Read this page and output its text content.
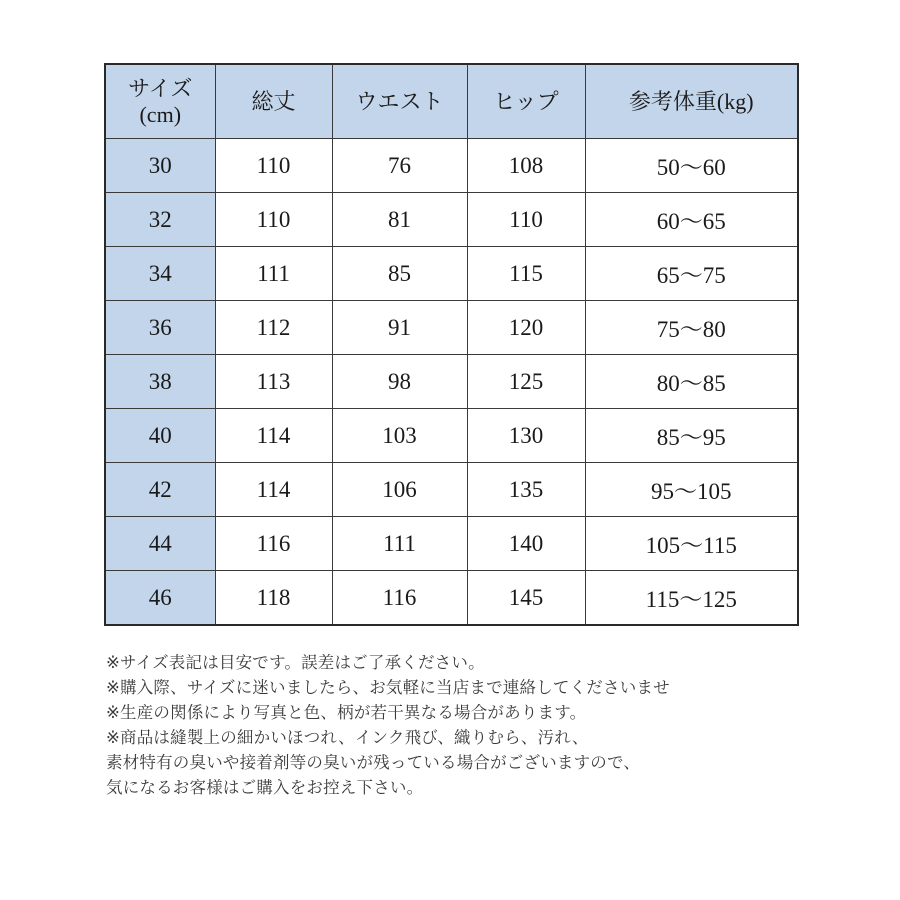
サイズ
(cm)	総丈	ウエスト	ヒップ	参考体重(kg)
30	110	76	108	50〜60
32	110	81	110	60〜65
34	111	85	115	65〜75
36	112	91	120	75〜80
38	113	98	125	80〜85
40	114	103	130	85〜95
42	114	106	135	95〜105
44	116	111	140	105〜115
46	118	116	145	115〜125
※サイズ表記は目安です。誤差はご了承ください。
※購入際、サイズに迷いましたら、お気軽に当店まで連絡してくださいませ
※生産の関係により写真と色、柄が若干異なる場合があります。
※商品は縫製上の細かいほつれ、インク飛び、織りむら、汚れ、
素材特有の臭いや接着剤等の臭いが残っている場合がございますので、
気になるお客様はご購入をお控え下さい。
